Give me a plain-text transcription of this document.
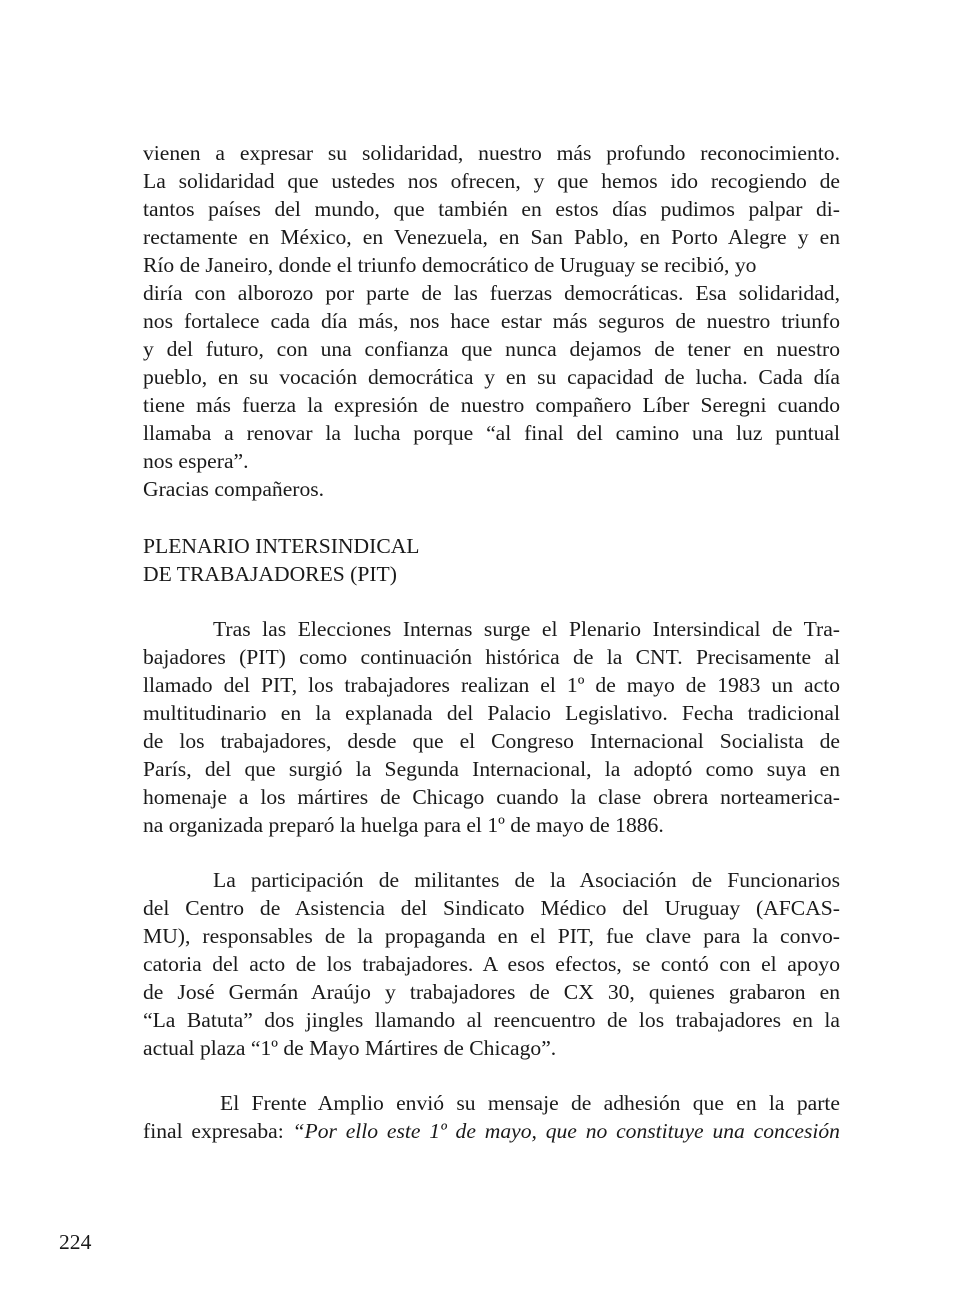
vienen a expresar su solidaridad, nuestro más profundo reconocimiento.
La solidaridad que ustedes nos ofrecen, y que hemos ido recogiendo de
tantos países del mundo, que también en estos días pudimos palpar di-
rectamente en México, en Venezuela, en San Pablo, en Porto Alegre y en
Río de Janeiro, donde el triunfo democrático de Uruguay se recibió, yo
diría con alborozo por parte de las fuerzas democráticas. Esa solidaridad,
nos fortalece cada día más, nos hace estar más seguros de nuestro triunfo
y del futuro, con una confianza que nunca dejamos de tener en nuestro
pueblo, en su vocación democrática y en su capacidad de lucha. Cada día
tiene más fuerza la expresión de nuestro compañero Líber Seregni cuando
llamaba a renovar la lucha porque “al final del camino una luz puntual
nos espera”.
Gracias compañeros.
PLENARIO INTERSINDICAL
DE TRABAJADORES (PIT)
Tras las Elecciones Internas surge el Plenario Intersindical de Tra-
bajadores (PIT) como continuación histórica de la CNT. Precisamente al
llamado del PIT, los trabajadores realizan el 1º de mayo de 1983 un acto
multitudinario en la explanada del Palacio Legislativo. Fecha tradicional
de los trabajadores, desde que el Congreso Internacional Socialista de
París, del que surgió la Segunda Internacional, la adoptó como suya en
homenaje a los mártires de Chicago cuando la clase obrera norteamerica-
na organizada preparó la huelga para el 1º de mayo de 1886.
La participación de militantes de la Asociación de Funcionarios
del Centro de Asistencia del Sindicato Médico del Uruguay (AFCAS-
MU), responsables de la propaganda en el PIT, fue clave para la convo-
catoria del acto de los trabajadores. A esos efectos, se contó con el apoyo
de José Germán Araújo y trabajadores de CX 30, quienes grabaron en
“La Batuta” dos jingles llamando al reencuentro de los trabajadores en la
actual plaza “1º de Mayo Mártires de Chicago”.
El Frente Amplio envió su mensaje de adhesión que en la parte
final expresaba: “Por ello este 1º de mayo, que no constituye una concesión
224
